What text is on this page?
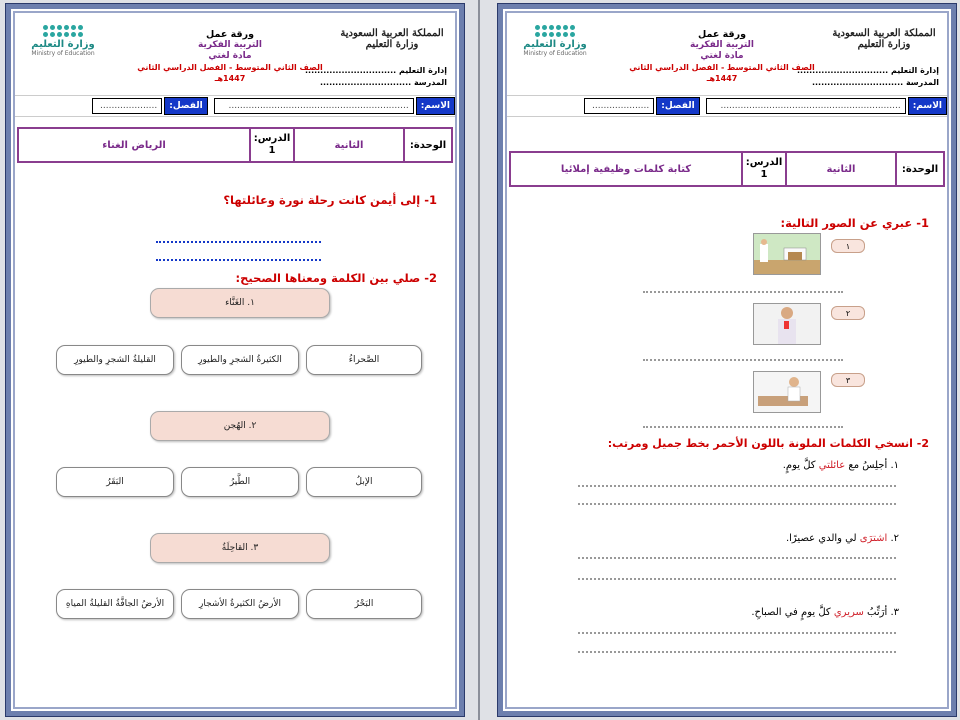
المملكة العربية السعودية
وزارة التعليم
إدارة التعليم ..............................
المدرسة ..............................
ورقة عمل
التربية الفكرية
مادة لغتي
الصف الثاني المتوسط - الفصل الدراسي الثاني 1447هـ
وزارة التعليم
Ministry of Education
الاسم:
...............................................................
الفصل:
....................
الوحدة:
الثانية
الدرس:
1
الرياض الغناء
1- إلى أيمن كانت رحلة نورة وعائلتها؟
2- صلي بين الكلمة ومعناها الصحيح:
١. الغَنَّاء
الصَّحراءُ
الكثيرةُ الشجرِ والطيورِ
القليلةُ الشجرِ والطيورِ
٢. الهُجن
الإبلُ
الطَّيرُ
البَقَرُ
٣. القاحِلَةُ
البَحْرُ
الأرضُ الكثيرةُ الأشجارِ
الأرضُ الجافَّةُ القليلةُ المياهِ
المملكة العربية السعودية
وزارة التعليم
إدارة التعليم ..............................
المدرسة ..............................
ورقة عمل
التربية الفكرية
مادة لغتي
الصف الثاني المتوسط - الفصل الدراسي الثاني 1447هـ
وزارة التعليم
Ministry of Education
الاسم:
...............................................................
الفصل:
....................
الوحدة:
الثانية
الدرس:
1
كتابة كلمات وظيفية إملائيا
1- عبري عن الصور التالية:
١
٢
٣
2- انسخي الكلمات الملونة باللون الأحمر بخط جميل ومرتب:
١. أجلِسُ مع عائلتي كلَّ يومٍ.
٢. اشترَى لي والدي عصيرًا.
٣. أرَتِّبُ سريري كلَّ يومٍ في الصباحِ.
